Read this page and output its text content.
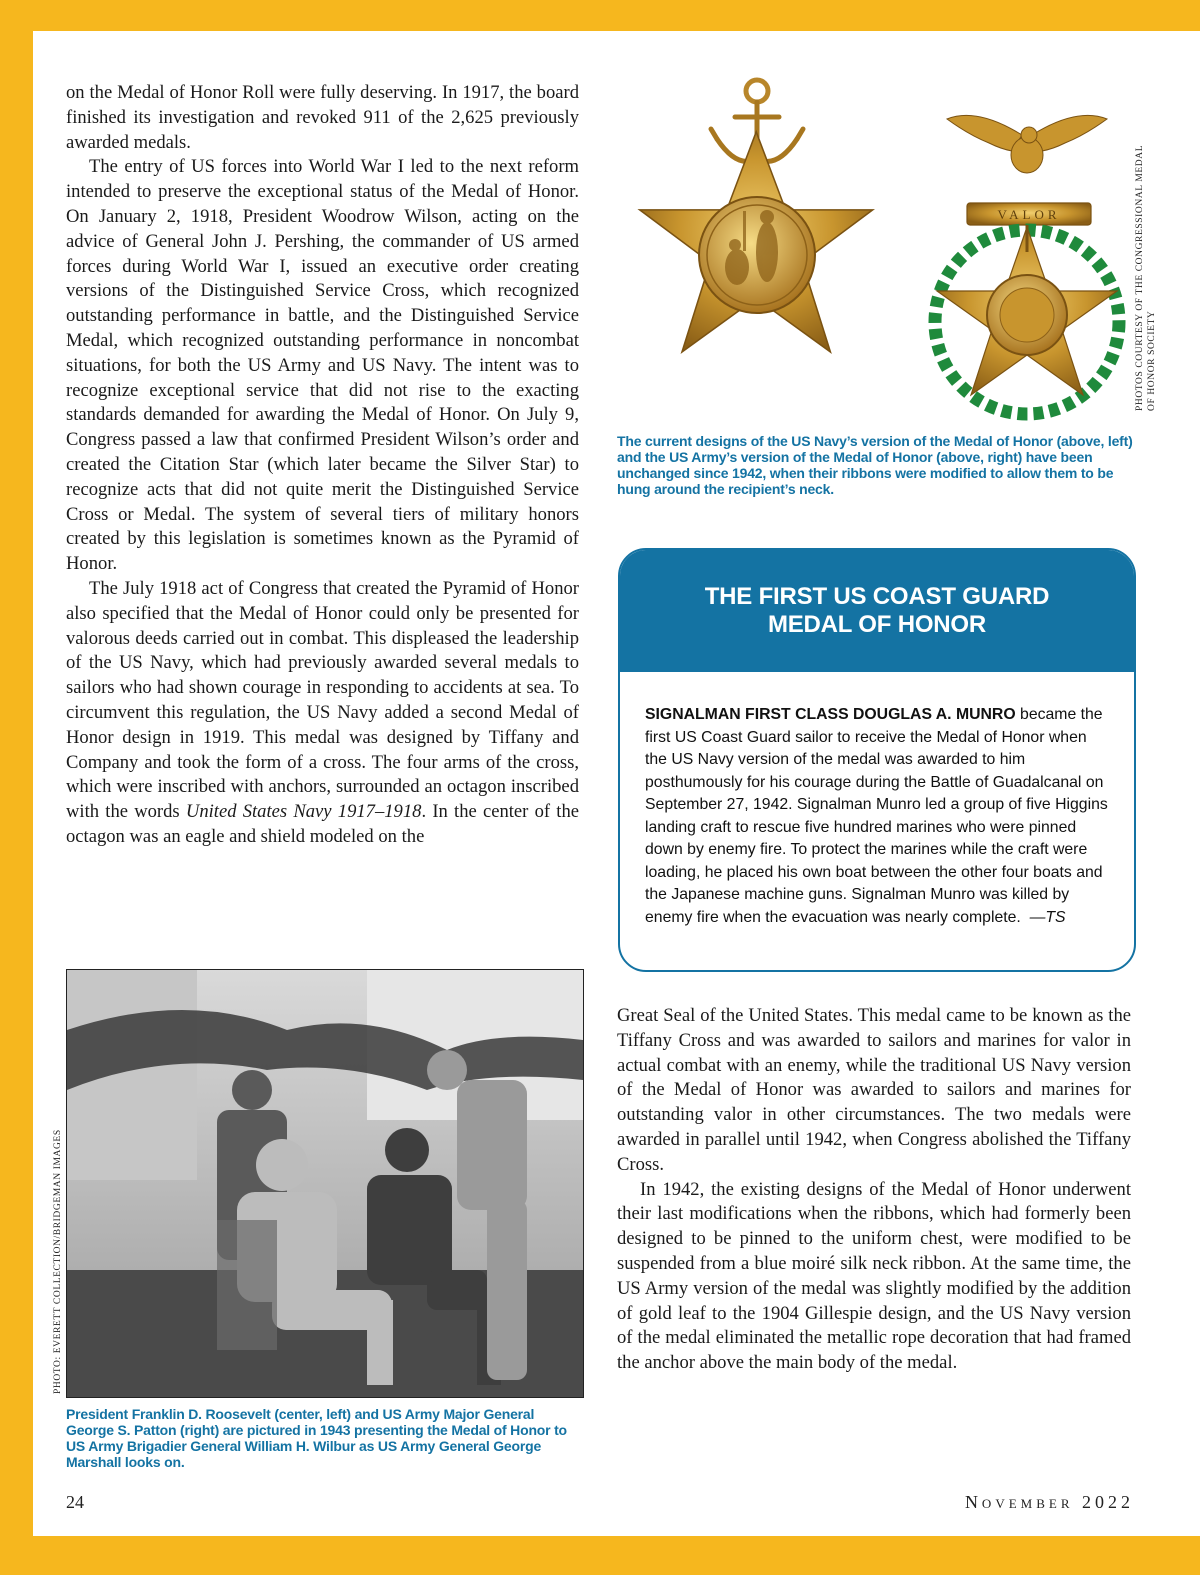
on the Medal of Honor Roll were fully deserving. In 1917, the board finished its investigation and revoked 911 of the 2,625 previously awarded medals.

The entry of US forces into World War I led to the next reform intended to preserve the exceptional status of the Medal of Honor. On January 2, 1918, President Woodrow Wilson, acting on the advice of General John J. Pershing, the commander of US armed forces during World War I, issued an executive order creating versions of the Distinguished Service Cross, which recognized outstanding performance in battle, and the Distinguished Service Medal, which recognized outstanding performance in noncombat situations, for both the US Army and US Navy. The intent was to recognize exceptional service that did not rise to the exacting standards demanded for awarding the Medal of Honor. On July 9, Congress passed a law that confirmed President Wilson’s order and created the Citation Star (which later became the Silver Star) to recognize acts that did not quite merit the Distinguished Service Cross or Medal. The system of several tiers of military honors created by this legislation is sometimes known as the Pyramid of Honor.

The July 1918 act of Congress that created the Pyramid of Honor also specified that the Medal of Honor could only be presented for valorous deeds carried out in combat. This displeased the leadership of the US Navy, which had previously awarded several medals to sailors who had shown courage in responding to accidents at sea. To circumvent this regulation, the US Navy added a second Medal of Honor design in 1919. This medal was designed by Tiffany and Company and took the form of a cross. The four arms of the cross, which were inscribed with anchors, surrounded an octagon inscribed with the words United States Navy 1917–1918. In the center of the octagon was an eagle and shield modeled on the

VALOR	PHOTOS COURTESY OF THE CONGRESSIONAL MEDAL OF HONOR SOCIETY
The current designs of the US Navy’s version of the Medal of Honor (above, left) and the US Army’s version of the Medal of Honor (above, right) have been unchanged since 1942, when their ribbons were modified to allow them to be hung around the recipient’s neck.
THE FIRST US COAST GUARD
MEDAL OF HONOR
SIGNALMAN FIRST CLASS DOUGLAS A. MUNRO became the first US Coast Guard sailor to receive the Medal of Honor when the US Navy version of the medal was awarded to him posthumously for his courage during the Battle of Guadalcanal on September 27, 1942. Signalman Munro led a group of five Higgins landing craft to rescue five hundred marines who were pinned down by enemy fire. To protect the marines while the craft were loading, he placed his own boat between the other four boats and the Japanese machine guns. Signalman Munro was killed by enemy fire when the evacuation was nearly complete. —TS
PHOTO: EVERETT COLLECTION/BRIDGEMAN IMAGES
President Franklin D. Roosevelt (center, left) and US Army Major General George S. Patton (right) are pictured in 1943 presenting the Medal of Honor to US Army Brigadier General William H. Wilbur as US Army General George Marshall looks on.

Great Seal of the United States. This medal came to be known as the Tiffany Cross and was awarded to sailors and marines for valor in actual combat with an enemy, while the traditional US Navy version of the Medal of Honor was awarded to sailors and marines for outstanding valor in other circumstances. The two medals were awarded in parallel until 1942, when Congress abolished the Tiffany Cross.

In 1942, the existing designs of the Medal of Honor underwent their last modifications when the ribbons, which had formerly been designed to be pinned to the uniform chest, were modified to be suspended from a blue moiré silk neck ribbon. At the same time, the US Army version of the medal was slightly modified by the addition of gold leaf to the 1904 Gillespie design, and the US Navy version of the medal eliminated the metallic rope decoration that had framed the anchor above the main body of the medal.

24	November 2022
